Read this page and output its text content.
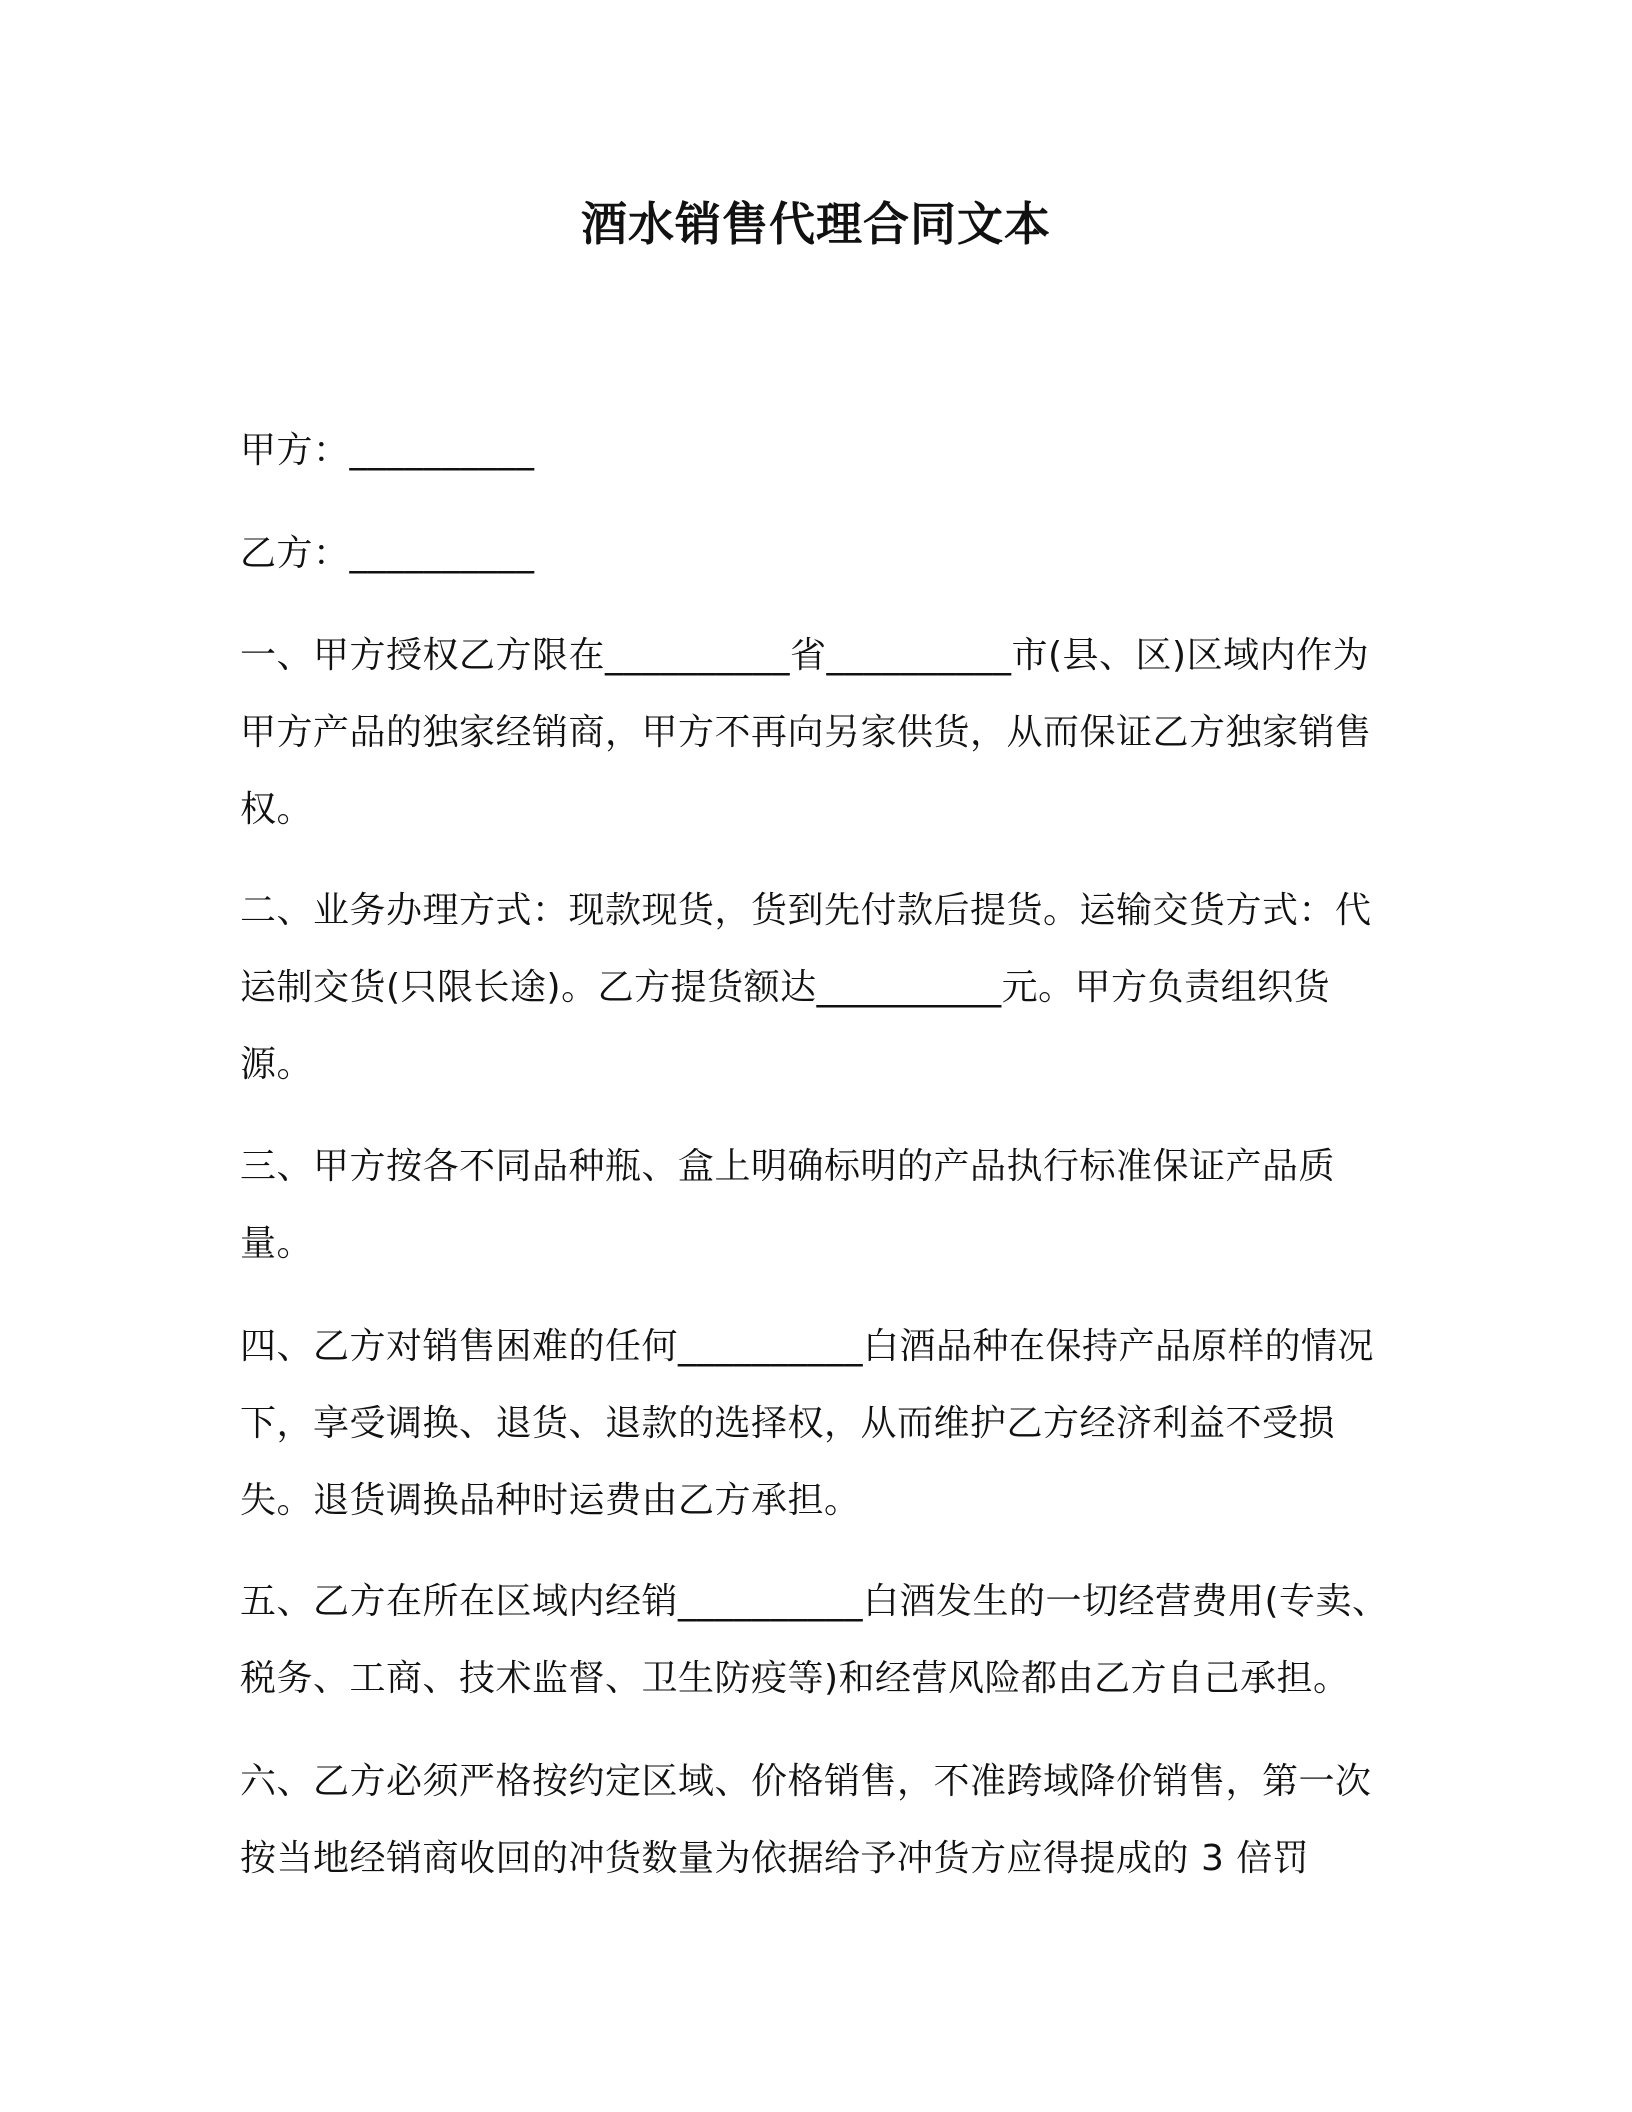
酒水销售代理合同文本

甲方：__________

乙方：__________

一、甲方授权乙方限在__________省__________市(县、区)区域内作为甲方产品的独家经销商，甲方不再向另家供货，从而保证乙方独家销售权。

二、业务办理方式：现款现货，货到先付款后提货。运输交货方式：代运制交货(只限长途)。乙方提货额达__________元。甲方负责组织货源。

三、甲方按各不同品种瓶、盒上明确标明的产品执行标准保证产品质量。

四、乙方对销售困难的任何__________白酒品种在保持产品原样的情况下，享受调换、退货、退款的选择权，从而维护乙方经济利益不受损失。退货调换品种时运费由乙方承担。

五、乙方在所在区域内经销__________白酒发生的一切经营费用(专卖、税务、工商、技术监督、卫生防疫等)和经营风险都由乙方自己承担。

六、乙方必须严格按约定区域、价格销售，不准跨域降价销售，第一次按当地经销商收回的冲货数量为依据给予冲货方应得提成的 3 倍罚
